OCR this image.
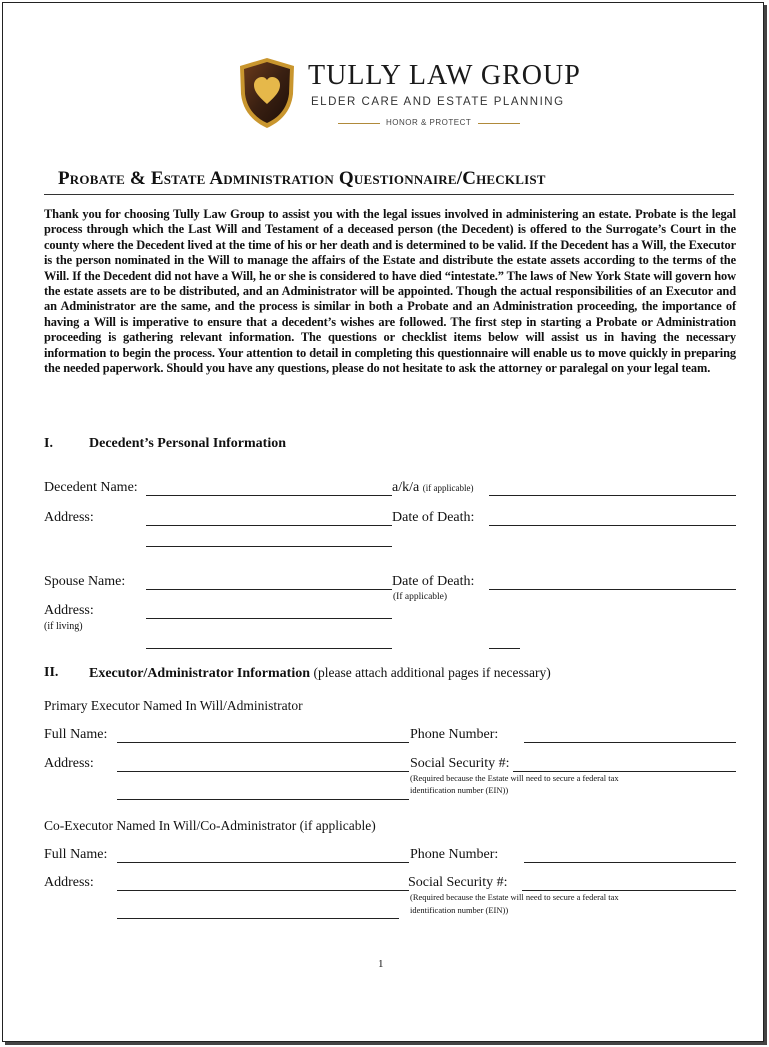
TULLY LAW GROUP
ELDER CARE AND ESTATE PLANNING
HONOR & PROTECT
Probate & Estate Administration Questionnaire/Checklist
Thank you for choosing Tully Law Group to assist you with the legal issues involved in administering an estate. Probate is the legal process through which the Last Will and Testament of a deceased person (the Decedent) is offered to the Surrogate’s Court in the county where the Decedent lived at the time of his or her death and is determined to be valid. If the Decedent has a Will, the Executor is the person nominated in the Will to manage the affairs of the Estate and distribute the estate assets according to the terms of the Will. If the Decedent did not have a Will, he or she is considered to have died “intestate.” The laws of New York State will govern how the estate assets are to be distributed, and an Administrator will be appointed. Though the actual responsibilities of an Executor and an Administrator are the same, and the process is similar in both a Probate and an Administration proceeding, the importance of having a Will is imperative to ensure that a decedent’s wishes are followed. The first step in starting a Probate or Administration proceeding is gathering relevant information. The questions or checklist items below will assist us in having the necessary information to begin the process. Your attention to detail in completing this questionnaire will enable us to move quickly in preparing the needed paperwork. Should you have any questions, please do not hesitate to ask the attorney or paralegal on your legal team.
I.	Decedent’s Personal Information
Decedent Name:	a/k/a (if applicable)
Address:	Date of Death:
Spouse Name:	Date of Death:
(If applicable)
Address:
(if living)
II. Executor/Administrator Information (please attach additional pages if necessary)
Primary Executor Named In Will/Administrator
Full Name:	Phone Number:
Address:	Social Security #:
(Required because the Estate will need to secure a federal tax
identification number (EIN))
Co-Executor Named In Will/Co-Administrator (if applicable)
Full Name:	Phone Number:
Address:	Social Security #:
(Required because the Estate will need to secure a federal tax
identification number (EIN))
1
